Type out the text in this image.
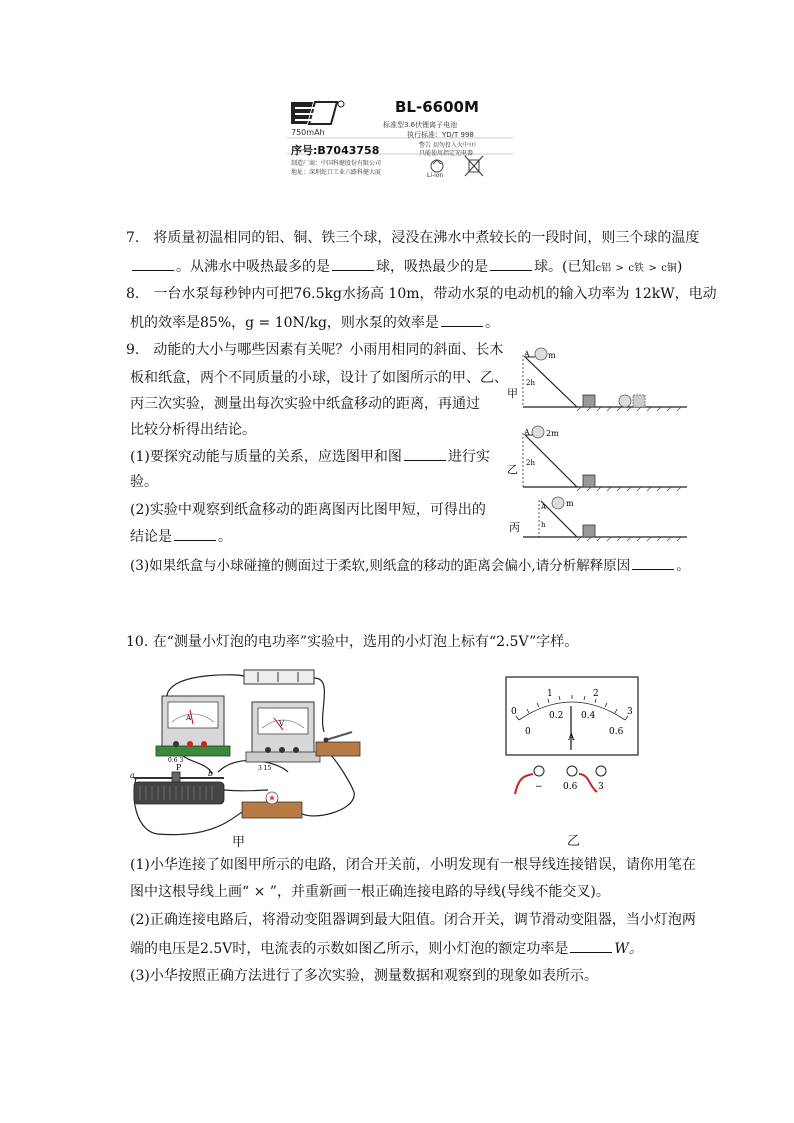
BL-6600M
750mAh
标准型3.6伏锂离子电池
执行标准：YD/T 998
序号:B7043758	警告 切勿投入火中!!!
只能使用指定充电器
制造厂商：中国科健股份有限公司
地址：深圳蛇口工业六路科健大厦	Li-ion
7.　将质量初温相同的铝、铜、铁三个球，浸没在沸水中煮较长的一段时间，则三个球的温度
。从沸水中吸热最多的是	球，吸热最少的是	球。(已知c铝 > c铁 > c铜)
8.　一台水泵每秒钟内可把76.5kg水扬高 10m，带动水泵的电动机的输入功率为 12kW，电动
机的效率是85%，g = 10N/kg，则水泵的效率是	。
9.　动能的大小与哪些因素有关呢？小雨用相同的斜面、长木
板和纸盒，两个不同质量的小球，设计了如图所示的甲、乙、
丙三次实验，测量出每次实验中纸盒移动的距离，再通过
比较分析得出结论。
(1)要探究动能与质量的关系，应选图甲和图	进行实
验。
(2)实验中观察到纸盒移动的距离图丙比图甲短，可得出的
结论是	。
(3)如果纸盒与小球碰撞的侧面过于柔软,则纸盒的移动的距离会偏小,请分析解释原因	。
A m
2h
甲
A 2m
2h
乙
A m
h
丙
10. 在“测量小灯泡的电功率”实验中，选用的小灯泡上标有“2.5V”字样。
A
0.6 3
V
3 15
a
P
b
甲
0
1	2
3
0
0.2 0.4
0.6
A
− 0.6 3
乙
(1)小华连接了如图甲所示的电路，闭合开关前，小明发现有一根导线连接错误，请你用笔在
图中这根导线上画“ × ”，并重新画一根正确连接电路的导线(导线不能交叉)。
(2)正确连接电路后，将滑动变阻器调到最大阻值。闭合开关，调节滑动变阻器，当小灯泡两
端的电压是2.5V时，电流表的示数如图乙所示，则小灯泡的额定功率是	W。
(3)小华按照正确方法进行了多次实验，测量数据和观察到的现象如表所示。
